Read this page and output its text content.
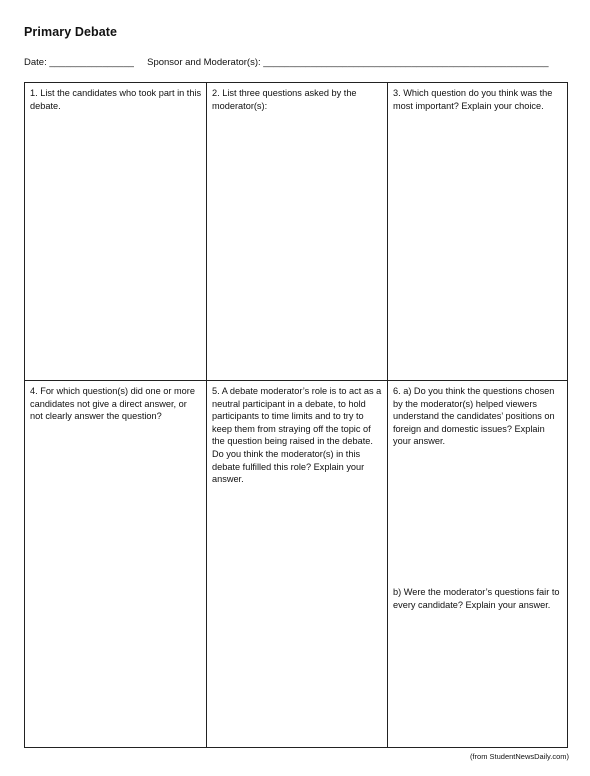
Primary Debate
Date: ________________ Sponsor and Moderator(s): ______________________________________________________
1. List the candidates who took part in this debate.
2. List three questions asked by the moderator(s):
3. Which question do you think was the most important? Explain your choice.
4. For which question(s) did one or more candidates not give a direct answer, or not clearly answer the question?
5. A debate moderator’s role is to act as a neutral participant in a debate, to hold participants to time limits and to try to keep them from straying off the topic of the question being raised in the debate. Do you think the moderator(s) in this debate fulfilled this role? Explain your answer.
6. a) Do you think the questions chosen by the moderator(s) helped viewers understand the candidates’ positions on foreign and domestic issues? Explain your answer.
b) Were the moderator’s questions fair to every candidate? Explain your answer.
(from StudentNewsDaily.com)
